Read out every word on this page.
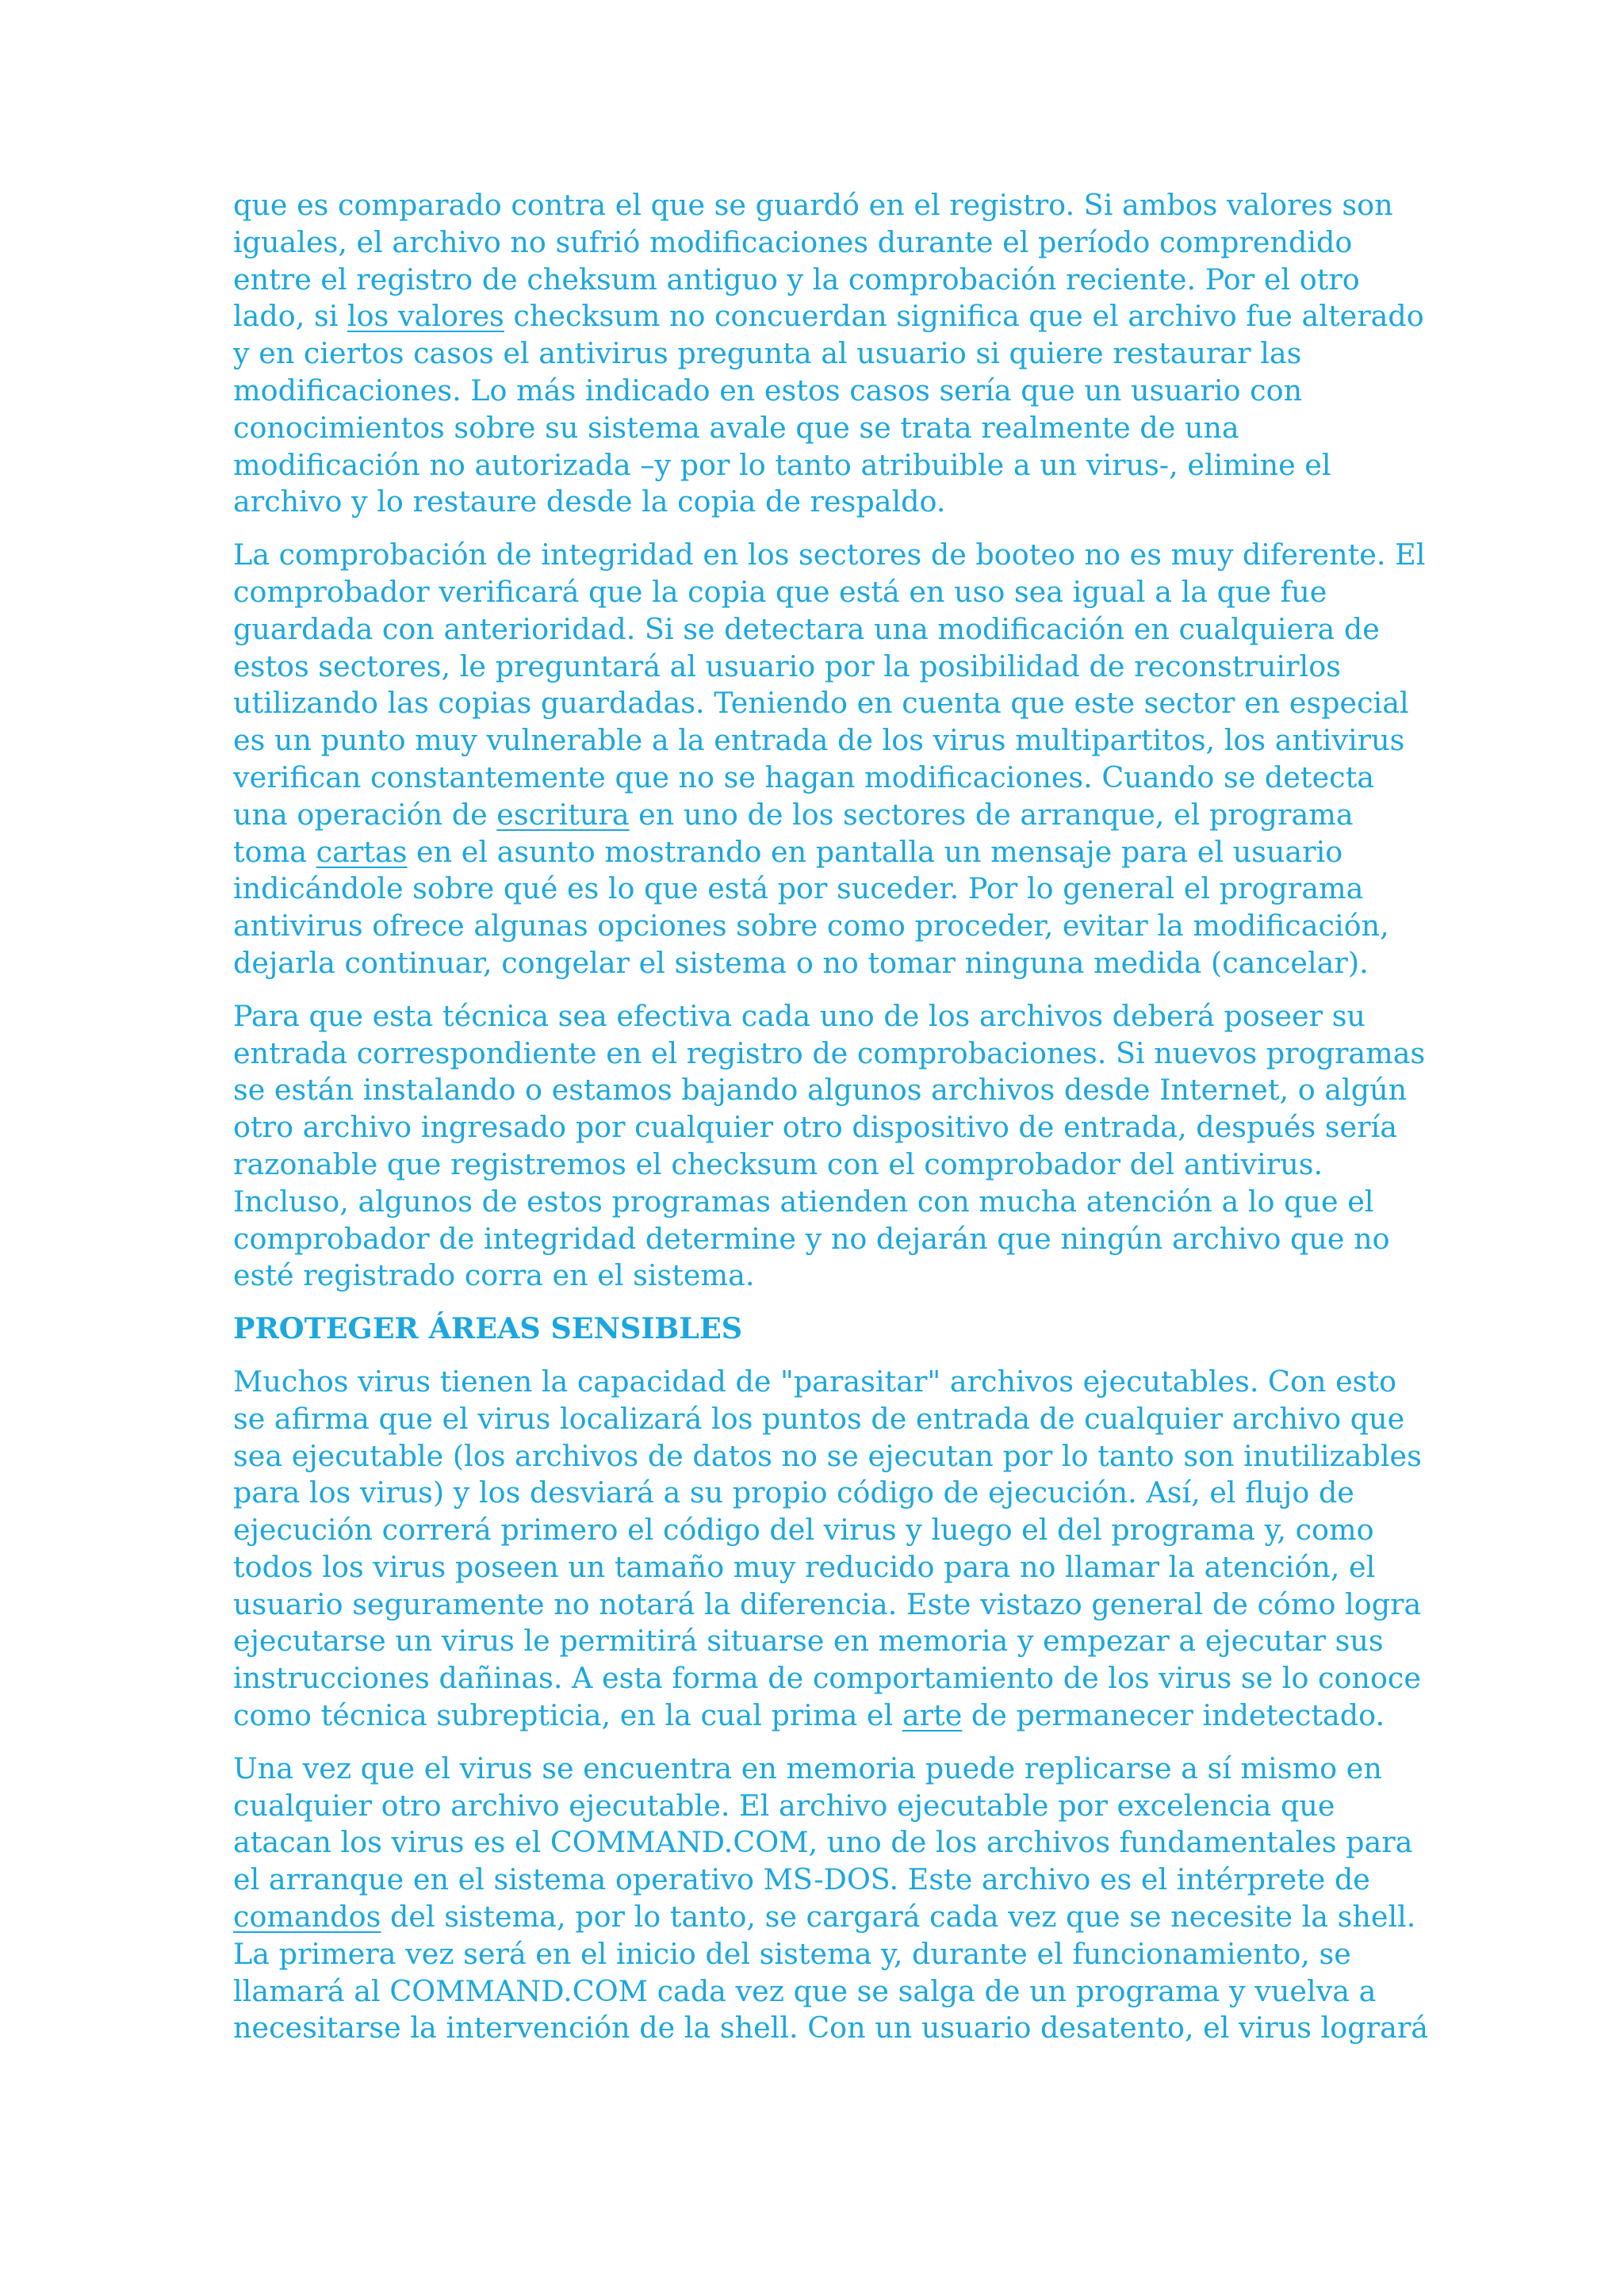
que es comparado contra el que se guardó en el registro. Si ambos valores son
iguales, el archivo no sufrió modificaciones durante el período comprendido
entre el registro de cheksum antiguo y la comprobación reciente. Por el otro
lado, si los valores checksum no concuerdan significa que el archivo fue alterado
y en ciertos casos el antivirus pregunta al usuario si quiere restaurar las
modificaciones. Lo más indicado en estos casos sería que un usuario con
conocimientos sobre su sistema avale que se trata realmente de una
modificación no autorizada –y por lo tanto atribuible a un virus-, elimine el
archivo y lo restaure desde la copia de respaldo.

La comprobación de integridad en los sectores de booteo no es muy diferente. El
comprobador verificará que la copia que está en uso sea igual a la que fue
guardada con anterioridad. Si se detectara una modificación en cualquiera de
estos sectores, le preguntará al usuario por la posibilidad de reconstruirlos
utilizando las copias guardadas. Teniendo en cuenta que este sector en especial
es un punto muy vulnerable a la entrada de los virus multipartitos, los antivirus
verifican constantemente que no se hagan modificaciones. Cuando se detecta
una operación de escritura en uno de los sectores de arranque, el programa
toma cartas en el asunto mostrando en pantalla un mensaje para el usuario
indicándole sobre qué es lo que está por suceder. Por lo general el programa
antivirus ofrece algunas opciones sobre como proceder, evitar la modificación,
dejarla continuar, congelar el sistema o no tomar ninguna medida (cancelar).

Para que esta técnica sea efectiva cada uno de los archivos deberá poseer su
entrada correspondiente en el registro de comprobaciones. Si nuevos programas
se están instalando o estamos bajando algunos archivos desde Internet, o algún
otro archivo ingresado por cualquier otro dispositivo de entrada, después sería
razonable que registremos el checksum con el comprobador del antivirus.
Incluso, algunos de estos programas atienden con mucha atención a lo que el
comprobador de integridad determine y no dejarán que ningún archivo que no
esté registrado corra en el sistema.

PROTEGER ÁREAS SENSIBLES

Muchos virus tienen la capacidad de "parasitar" archivos ejecutables. Con esto
se afirma que el virus localizará los puntos de entrada de cualquier archivo que
sea ejecutable (los archivos de datos no se ejecutan por lo tanto son inutilizables
para los virus) y los desviará a su propio código de ejecución. Así, el flujo de
ejecución correrá primero el código del virus y luego el del programa y, como
todos los virus poseen un tamaño muy reducido para no llamar la atención, el
usuario seguramente no notará la diferencia. Este vistazo general de cómo logra
ejecutarse un virus le permitirá situarse en memoria y empezar a ejecutar sus
instrucciones dañinas. A esta forma de comportamiento de los virus se lo conoce
como técnica subrepticia, en la cual prima el arte de permanecer indetectado.

Una vez que el virus se encuentra en memoria puede replicarse a sí mismo en
cualquier otro archivo ejecutable. El archivo ejecutable por excelencia que
atacan los virus es el COMMAND.COM, uno de los archivos fundamentales para
el arranque en el sistema operativo MS-DOS. Este archivo es el intérprete de
comandos del sistema, por lo tanto, se cargará cada vez que se necesite la shell.
La primera vez será en el inicio del sistema y, durante el funcionamiento, se
llamará al COMMAND.COM cada vez que se salga de un programa y vuelva a
necesitarse la intervención de la shell. Con un usuario desatento, el virus logrará
